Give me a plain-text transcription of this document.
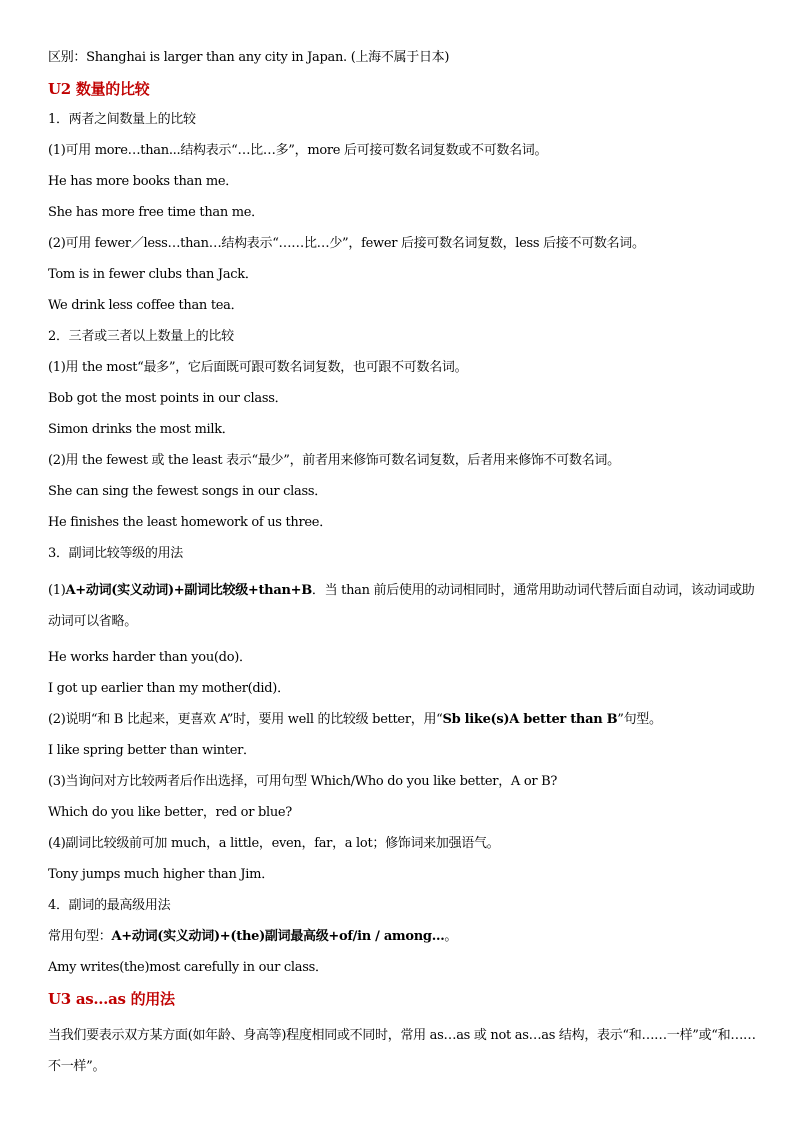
区别：Shanghai is larger than any city in Japan. (上海不属于日本)
U2 数量的比较
1．两者之间数量上的比较
(1)可用 more…than...结构表示“…比…多”，more 后可接可数名词复数或不可数名词。
He has more books than me．
She has more free time than me．
(2)可用 fewer／less…than…结构表示“……比…少”，fewer 后接可数名词复数，less 后接不可数名词。
Tom is in fewer clubs than Jack．
We drink less coffee than tea．
2．三者或三者以上数量上的比较
(1)用 the most“最多”，它后面既可跟可数名词复数，也可跟不可数名词。
Bob got the most points in our class．
Simon drinks the most milk．
(2)用 the fewest 或 the least 表示“最少”，前者用来修饰可数名词复数，后者用来修饰不可数名词。
She can sing the fewest songs in our class．
He finishes the least homework of us three．
3．副词比较等级的用法
(1)A+动词(实义动词)+副词比较级+than+B．当 than 前后使用的动词相同时，通常用助动词代替后面自动词，该动词或助动词可以省略。
He works harder than you(do)．
I got up earlier than my mother(did)．
(2)说明“和 B 比起来，更喜欢 A”时，要用 well 的比较级 better，用“Sb like(s)A better than B”句型。
I like spring better than winter．
(3)当询问对方比较两者后作出选择，可用句型 Which/Who do you like better，A or B?
Which do you like better，red or blue?
(4)副词比较级前可加 much，a little，even，far，a lot；修饰词来加强语气。
Tony jumps much higher than Jim．
4．副词的最高级用法
常用句型：A+动词(实义动词)+(the)副词最高级+of/in / among…。
Amy writes(the)most carefully in our class．
U3 as…as 的用法
当我们要表示双方某方面(如年龄、身高等)程度相同或不同时，常用 as…as 或 not as…as 结构，表示“和……一样”或“和……不一样”。
